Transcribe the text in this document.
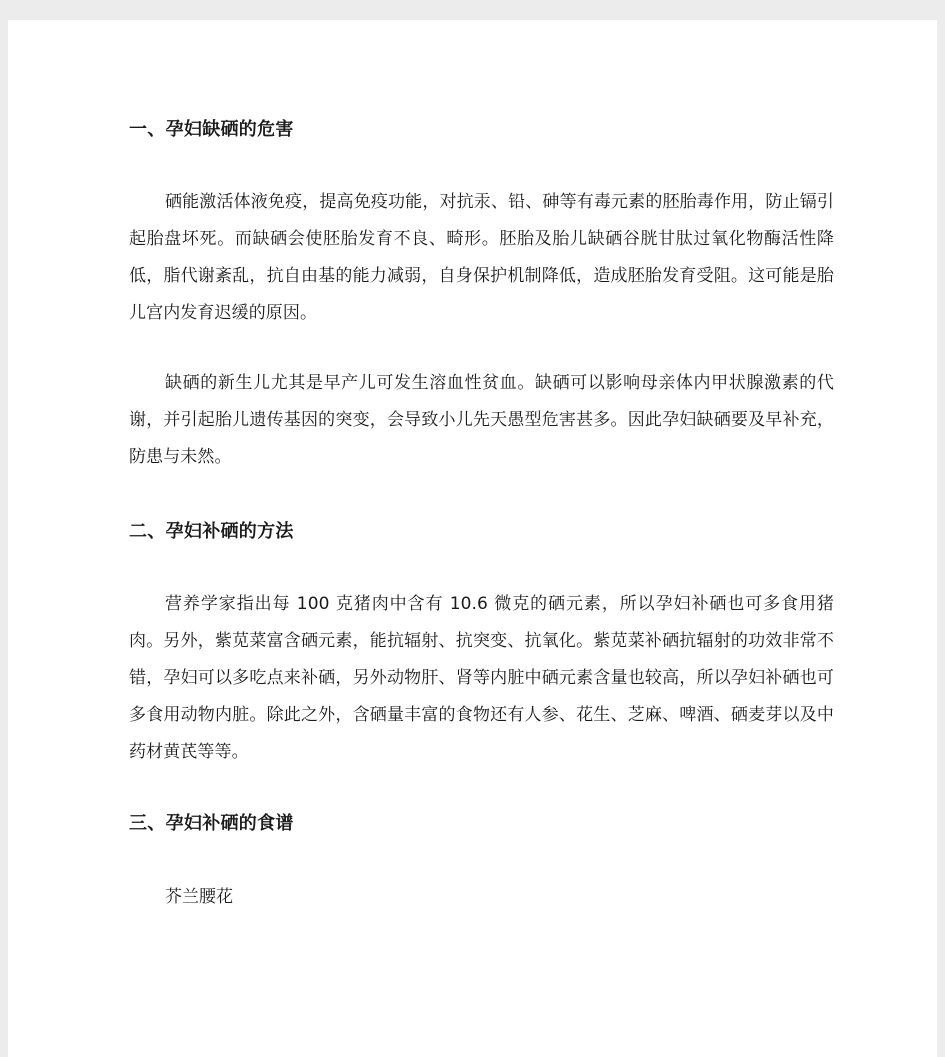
一、孕妇缺硒的危害

硒能激活体液免疫，提高免疫功能，对抗汞、铅、砷等有毒元素的胚胎毒作用，防止镉引起胎盘坏死。而缺硒会使胚胎发育不良、畸形。胚胎及胎儿缺硒谷胱甘肽过氧化物酶活性降低，脂代谢紊乱，抗自由基的能力减弱，自身保护机制降低，造成胚胎发育受阻。这可能是胎儿宫内发育迟缓的原因。

缺硒的新生儿尤其是早产儿可发生溶血性贫血。缺硒可以影响母亲体内甲状腺激素的代谢，并引起胎儿遗传基因的突变，会导致小儿先天愚型危害甚多。因此孕妇缺硒要及早补充，防患与未然。

二、孕妇补硒的方法

营养学家指出每 100 克猪肉中含有 10.6 微克的硒元素，所以孕妇补硒也可多食用猪肉。另外，紫苋菜富含硒元素，能抗辐射、抗突变、抗氧化。紫苋菜补硒抗辐射的功效非常不错，孕妇可以多吃点来补硒，另外动物肝、肾等内脏中硒元素含量也较高，所以孕妇补硒也可多食用动物内脏。除此之外，含硒量丰富的食物还有人参、花生、芝麻、啤酒、硒麦芽以及中药材黄芪等等。

三、孕妇补硒的食谱

芥兰腰花
